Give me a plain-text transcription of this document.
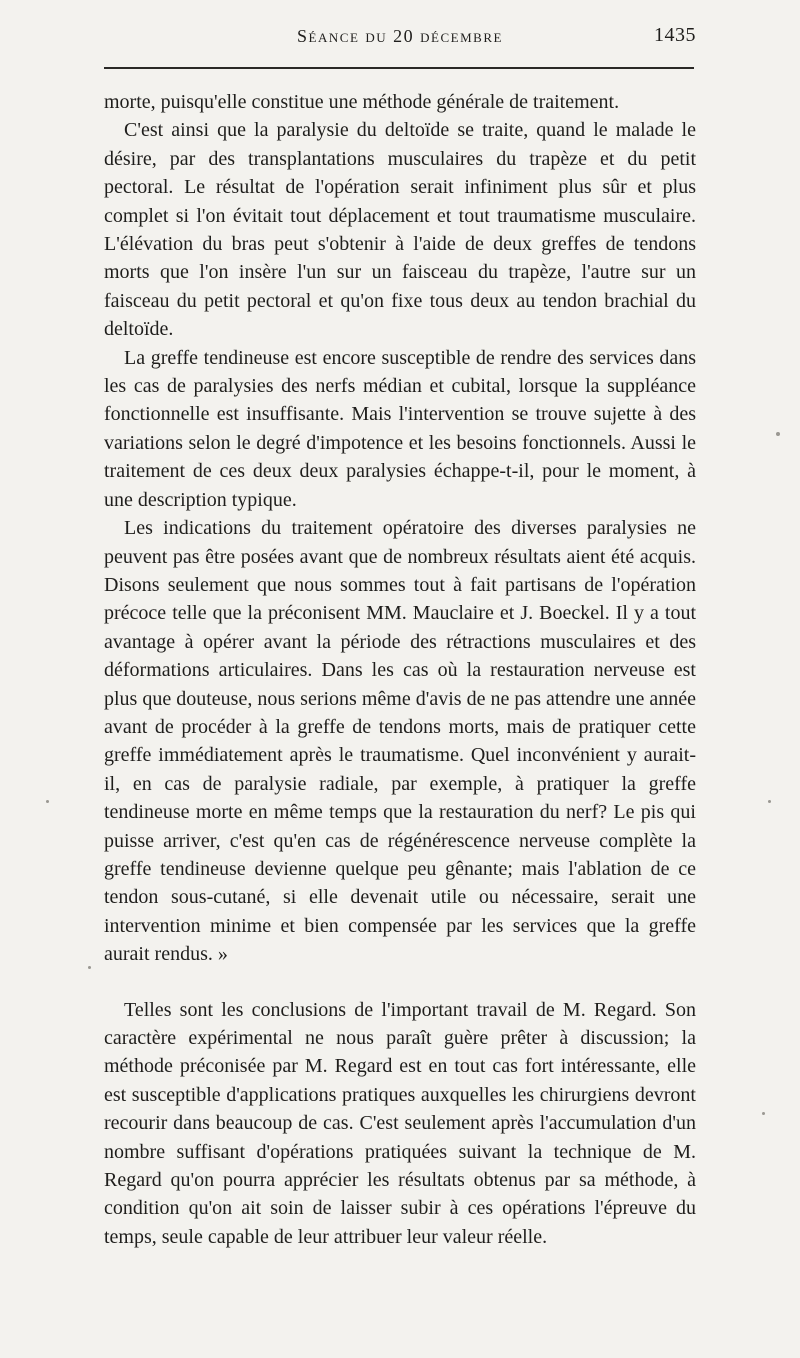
Séance du 20 décembre	1435

morte, puisqu'elle constitue une méthode générale de traitement.

C'est ainsi que la paralysie du deltoïde se traite, quand le malade le désire, par des transplantations musculaires du trapèze et du petit pectoral. Le résultat de l'opération serait infiniment plus sûr et plus complet si l'on évitait tout déplacement et tout traumatisme musculaire. L'élévation du bras peut s'obtenir à l'aide de deux greffes de tendons morts que l'on insère l'un sur un faisceau du trapèze, l'autre sur un faisceau du petit pectoral et qu'on fixe tous deux au tendon brachial du deltoïde.

La greffe tendineuse est encore susceptible de rendre des services dans les cas de paralysies des nerfs médian et cubital, lorsque la suppléance fonctionnelle est insuffisante. Mais l'intervention se trouve sujette à des variations selon le degré d'impotence et les besoins fonctionnels. Aussi le traitement de ces deux deux paralysies échappe-t-il, pour le moment, à une description typique.

Les indications du traitement opératoire des diverses paralysies ne peuvent pas être posées avant que de nombreux résultats aient été acquis. Disons seulement que nous sommes tout à fait partisans de l'opération précoce telle que la préconisent MM. Mauclaire et J. Boeckel. Il y a tout avantage à opérer avant la période des rétractions musculaires et des déformations articulaires. Dans les cas où la restauration nerveuse est plus que douteuse, nous serions même d'avis de ne pas attendre une année avant de procéder à la greffe de tendons morts, mais de pratiquer cette greffe immédiatement après le traumatisme. Quel inconvénient y aurait-il, en cas de paralysie radiale, par exemple, à pratiquer la greffe tendineuse morte en même temps que la restauration du nerf? Le pis qui puisse arriver, c'est qu'en cas de régénérescence nerveuse complète la greffe tendineuse devienne quelque peu gênante; mais l'ablation de ce tendon sous-cutané, si elle devenait utile ou nécessaire, serait une intervention minime et bien compensée par les services que la greffe aurait rendus. »

Telles sont les conclusions de l'important travail de M. Regard. Son caractère expérimental ne nous paraît guère prêter à discussion; la méthode préconisée par M. Regard est en tout cas fort intéressante, elle est susceptible d'applications pratiques auxquelles les chirurgiens devront recourir dans beaucoup de cas. C'est seulement après l'accumulation d'un nombre suffisant d'opérations pratiquées suivant la technique de M. Regard qu'on pourra apprécier les résultats obtenus par sa méthode, à condition qu'on ait soin de laisser subir à ces opérations l'épreuve du temps, seule capable de leur attribuer leur valeur réelle.
